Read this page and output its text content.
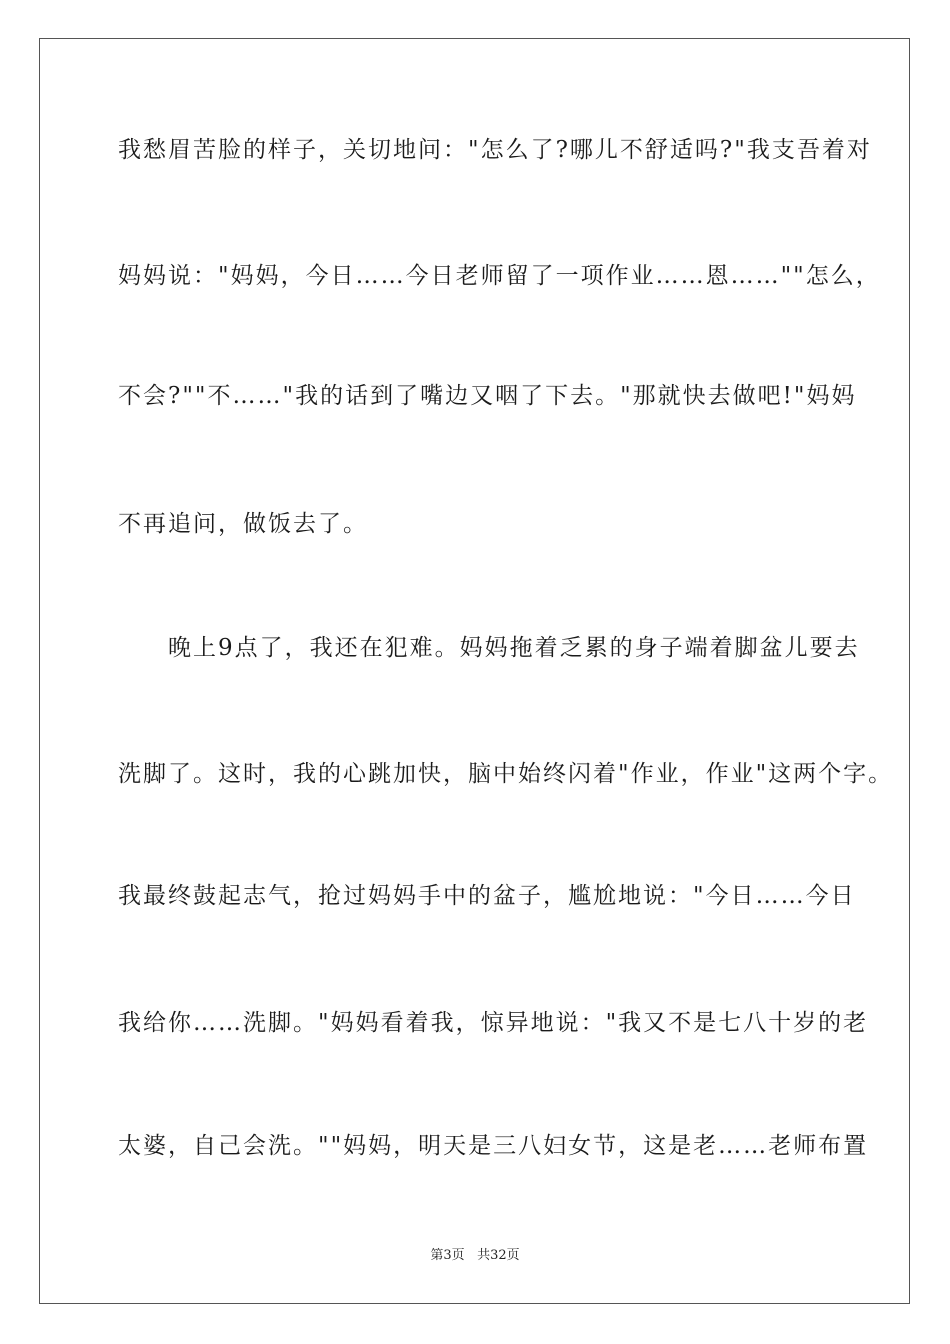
我愁眉苦脸的样子，关切地问："怎么了?哪儿不舒适吗?"我支吾着对
妈妈说："妈妈，今日……今日老师留了一项作业……恩……""怎么，
不会?""不……"我的话到了嘴边又咽了下去。"那就快去做吧!"妈妈
不再追问，做饭去了。
　　晚上9点了，我还在犯难。妈妈拖着乏累的身子端着脚盆儿要去
洗脚了。这时，我的心跳加快，脑中始终闪着"作业，作业"这两个字。
我最终鼓起志气，抢过妈妈手中的盆子，尴尬地说："今日……今日
我给你……洗脚。"妈妈看着我，惊异地说："我又不是七八十岁的老
太婆，自己会洗。""妈妈，明天是三八妇女节，这是老……老师布置
第3页 共32页
